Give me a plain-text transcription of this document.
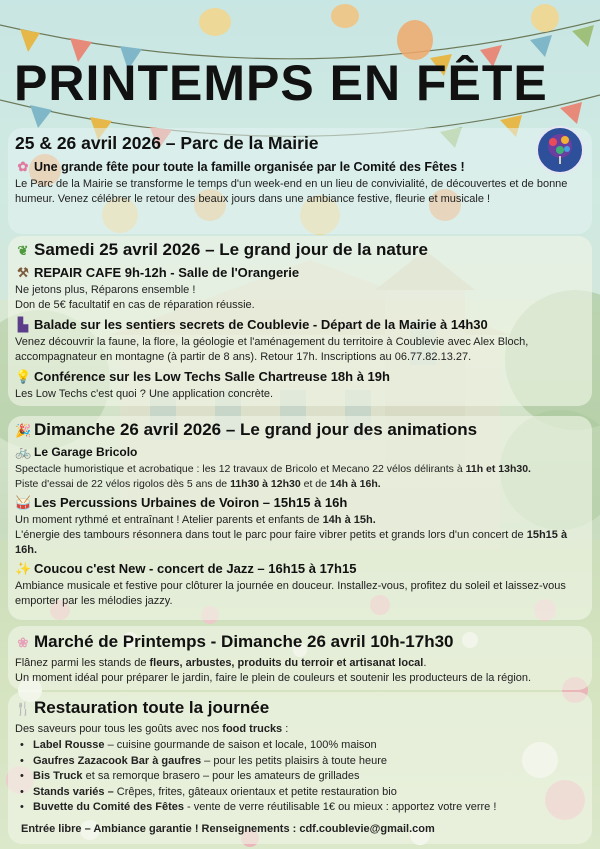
PRINTEMPS EN FÊTE
25 & 26 avril 2026 – Parc de la Mairie
✿ Une grande fête pour toute la famille organisée par le Comité des Fêtes !
Le Parc de la Mairie se transforme le temps d'un week-end en un lieu de convivialité, de découvertes et de bonne humeur. Venez célébrer le retour des beaux jours dans une ambiance festive, fleurie et musicale !
❦ Samedi 25 avril 2026 – Le grand jour de la nature
⚒ REPAIR CAFE 9h-12h - Salle de l'Orangerie
Ne jetons plus, Réparons ensemble !
Don de 5€ facultatif en cas de réparation réussie.
▙ Balade sur les sentiers secrets de Coublevie - Départ de la Mairie à 14h30
Venez découvrir la faune, la flore, la géologie et l'aménagement du territoire à Coublevie avec Alex Bloch, accompagnateur en montagne (à partir de 8 ans). Retour 17h. Inscriptions au 06.77.82.13.27.
💡 Conférence sur les Low Techs Salle Chartreuse 18h à 19h
Les Low Techs c'est quoi ? Une application concrète.
🎉 Dimanche 26 avril 2026 – Le grand jour des animations
🚲 Le Garage Bricolo
Spectacle humoristique et acrobatique : les 12 travaux de Bricolo et Mecano 22 vélos délirants à 11h et 13h30.
Piste d'essai de 22 vélos rigolos dès 5 ans de 11h30 à 12h30 et de 14h à 16h.
🥁 Les Percussions Urbaines de Voiron – 15h15 à 16h
Un moment rythmé et entraînant ! Atelier parents et enfants de 14h à 15h.
L'énergie des tambours résonnera dans tout le parc pour faire vibrer petits et grands lors d'un concert de 15h15 à 16h.
✨ Coucou c'est New - concert de Jazz – 16h15 à 17h15
Ambiance musicale et festive pour clôturer la journée en douceur. Installez-vous, profitez du soleil et laissez-vous emporter par les mélodies jazzy.
❀ Marché de Printemps - Dimanche 26 avril 10h-17h30
Flânez parmi les stands de fleurs, arbustes, produits du terroir et artisanat local.
Un moment idéal pour préparer le jardin, faire le plein de couleurs et soutenir les producteurs de la région.
🍴 Restauration toute la journée
Des saveurs pour tous les goûts avec nos food trucks :
• Label Rousse – cuisine gourmande de saison et locale, 100% maison
• Gaufres Zazacook Bar à gaufres – pour les petits plaisirs à toute heure
• Bis Truck et sa remorque brasero – pour les amateurs de grillades
• Stands variés – Crêpes, frites, gâteaux orientaux et petite restauration bio
• Buvette du Comité des Fêtes - vente de verre réutilisable 1€ ou mieux : apportez votre verre !
Entrée libre – Ambiance garantie ! Renseignements : cdf.coublevie@gmail.com
